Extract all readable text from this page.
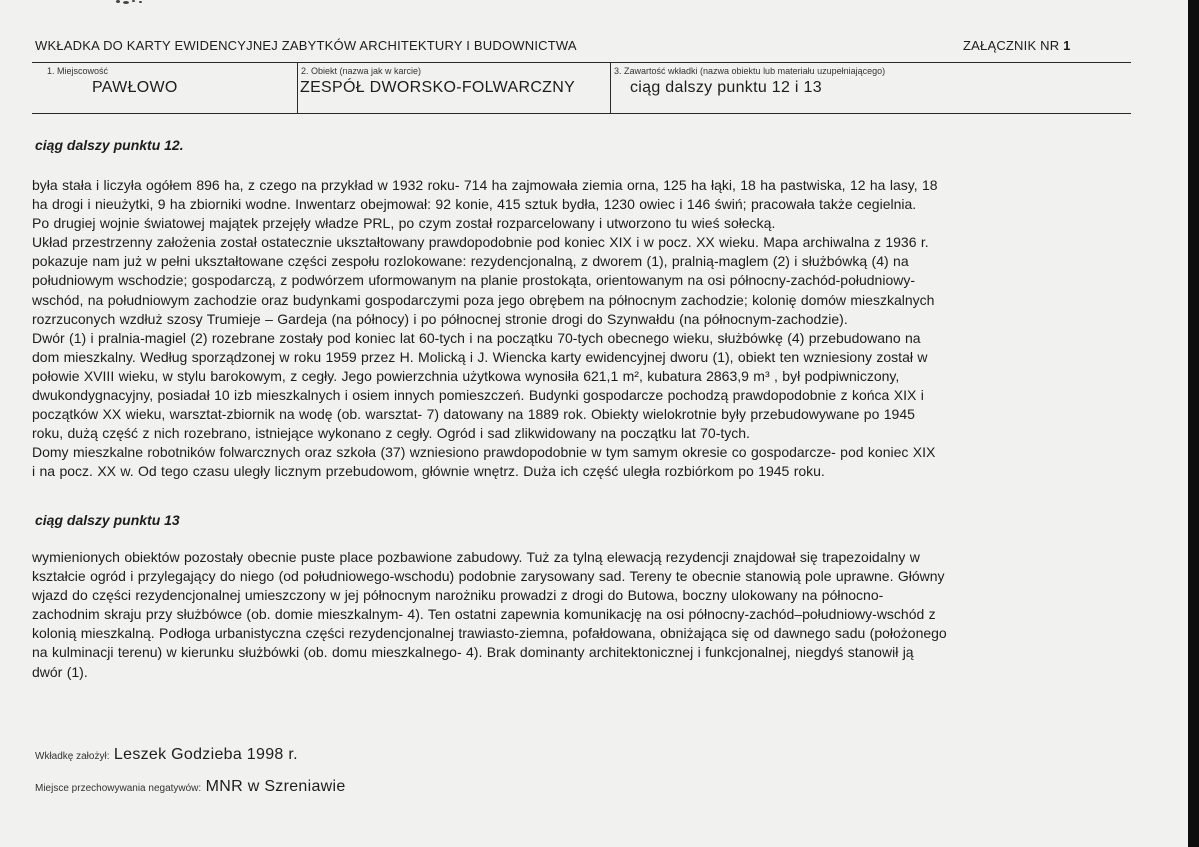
WKŁADKA DO KARTY EWIDENCYJNEJ ZABYTKÓW ARCHITEKTURY I BUDOWNICTWA	ZAŁĄCZNIK NR 1
1. Miejscowość
PAWŁOWO
2. Obiekt (nazwa jak w karcie)
ZESPÓŁ DWORSKO-FOLWARCZNY
3. Zawartość wkładki (nazwa obiektu lub materiału uzupełniającego)
ciąg dalszy punktu 12 i 13
ciąg dalszy punktu 12.
była stała i liczyła ogółem 896 ha, z czego na przykład w 1932 roku- 714 ha zajmowała ziemia orna, 125 ha łąki, 18 ha pastwiska, 12 ha lasy, 18
ha drogi i nieużytki, 9 ha zbiorniki wodne. Inwentarz obejmował: 92 konie, 415 sztuk bydła, 1230 owiec i 146 świń; pracowała także cegielnia.
Po drugiej wojnie światowej majątek przejęły władze PRL, po czym został rozparcelowany i utworzono tu wieś sołecką.
Układ przestrzenny założenia został ostatecznie ukształtowany prawdopodobnie pod koniec XIX i w pocz. XX wieku. Mapa archiwalna z 1936 r.
pokazuje nam już w pełni ukształtowane części zespołu rozlokowane: rezydencjonalną, z dworem (1), pralnią-maglem (2) i służbówką (4) na
południowym wschodzie; gospodarczą, z podwórzem uformowanym na planie prostokąta, orientowanym na osi północny-zachód-południowy-
wschód, na południowym zachodzie oraz budynkami gospodarczymi poza jego obrębem na północnym zachodzie; kolonię domów mieszkalnych
rozrzuconych wzdłuż szosy Trumieje – Gardeja (na północy) i po północnej stronie drogi do Szynwałdu (na północnym-zachodzie).
Dwór (1) i pralnia-magiel (2) rozebrane zostały pod koniec lat 60-tych i na początku 70-tych obecnego wieku, służbówkę (4) przebudowano na
dom mieszkalny. Według sporządzonej w roku 1959 przez H. Molicką i J. Wiencka karty ewidencyjnej dworu (1), obiekt ten wzniesiony został w
połowie XVIII wieku, w stylu barokowym, z cegły. Jego powierzchnia użytkowa wynosiła 621,1 m², kubatura 2863,9 m³ , był podpiwniczony,
dwukondygnacyjny, posiadał 10 izb mieszkalnych i osiem innych pomieszczeń. Budynki gospodarcze pochodzą prawdopodobnie z końca XIX i
początków XX wieku, warsztat-zbiornik na wodę (ob. warsztat- 7) datowany na 1889 rok. Obiekty wielokrotnie były przebudowywane po 1945
roku, dużą część z nich rozebrano, istniejące wykonano z cegły. Ogród i sad zlikwidowany na początku lat 70-tych.
Domy mieszkalne robotników folwarcznych oraz szkoła (37) wzniesiono prawdopodobnie w tym samym okresie co gospodarcze- pod koniec XIX
i na pocz. XX w. Od tego czasu uległy licznym przebudowom, głównie wnętrz. Duża ich część uległa rozbiórkom po 1945 roku.
ciąg dalszy punktu 13
wymienionych obiektów pozostały obecnie puste place pozbawione zabudowy. Tuż za tylną elewacją rezydencji znajdował się trapezoidalny w
kształcie ogród i przylegający do niego (od południowego-wschodu) podobnie zarysowany sad. Tereny te obecnie stanowią pole uprawne. Główny
wjazd do części rezydencjonalnej umieszczony w jej północnym narożniku prowadzi z drogi do Butowa, boczny ulokowany na północno-
zachodnim skraju przy służbówce (ob. domie mieszkalnym- 4). Ten ostatni zapewnia komunikację na osi północny-zachód–południowy-wschód z
kolonią mieszkalną. Podłoga urbanistyczna części rezydencjonalnej trawiasto-ziemna, pofałdowana, obniżająca się od dawnego sadu (położonego
na kulminacji terenu) w kierunku służbówki (ob. domu mieszkalnego- 4). Brak dominanty architektonicznej i funkcjonalnej, niegdyś stanowił ją
dwór (1).
Wkładkę założył: Leszek Godzieba 1998 r.
Miejsce przechowywania negatywów: MNR w Szreniawie
